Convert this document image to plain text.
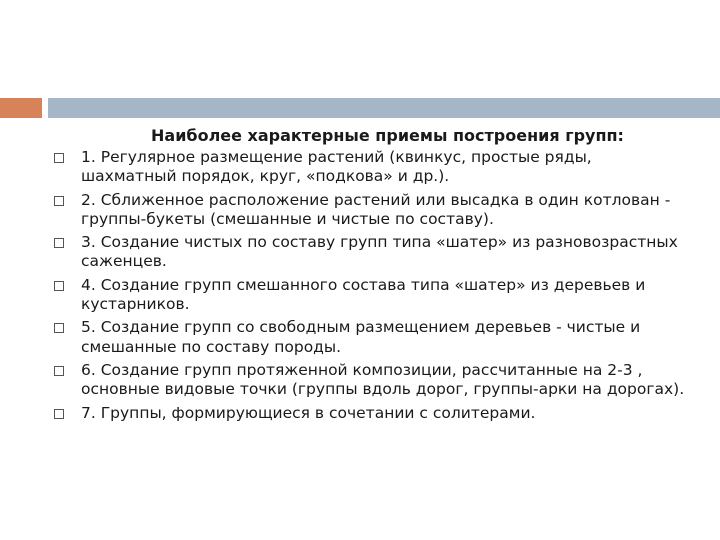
Наиболее характерные приемы построения групп:
1. Регулярное размещение растений (квинкус, простые ряды, шахматный порядок, круг, «подкова» и др.).
2. Сближенное расположение растений или высадка в один котлован - группы-букеты (смешанные и чистые по составу).
3. Создание чистых по составу групп типа «шатер» из разновозрастных саженцев.
4. Создание групп смешанного состава типа «шатер» из деревьев и кустарников.
5. Создание групп со свободным размещением деревьев - чистые и смешанные по составу породы.
6. Создание групп протяженной композиции, рассчитанные на 2-3 , основные видовые точки (группы вдоль дорог, группы-арки на дорогах).
7. Группы, формирующиеся в сочетании с солитерами.
